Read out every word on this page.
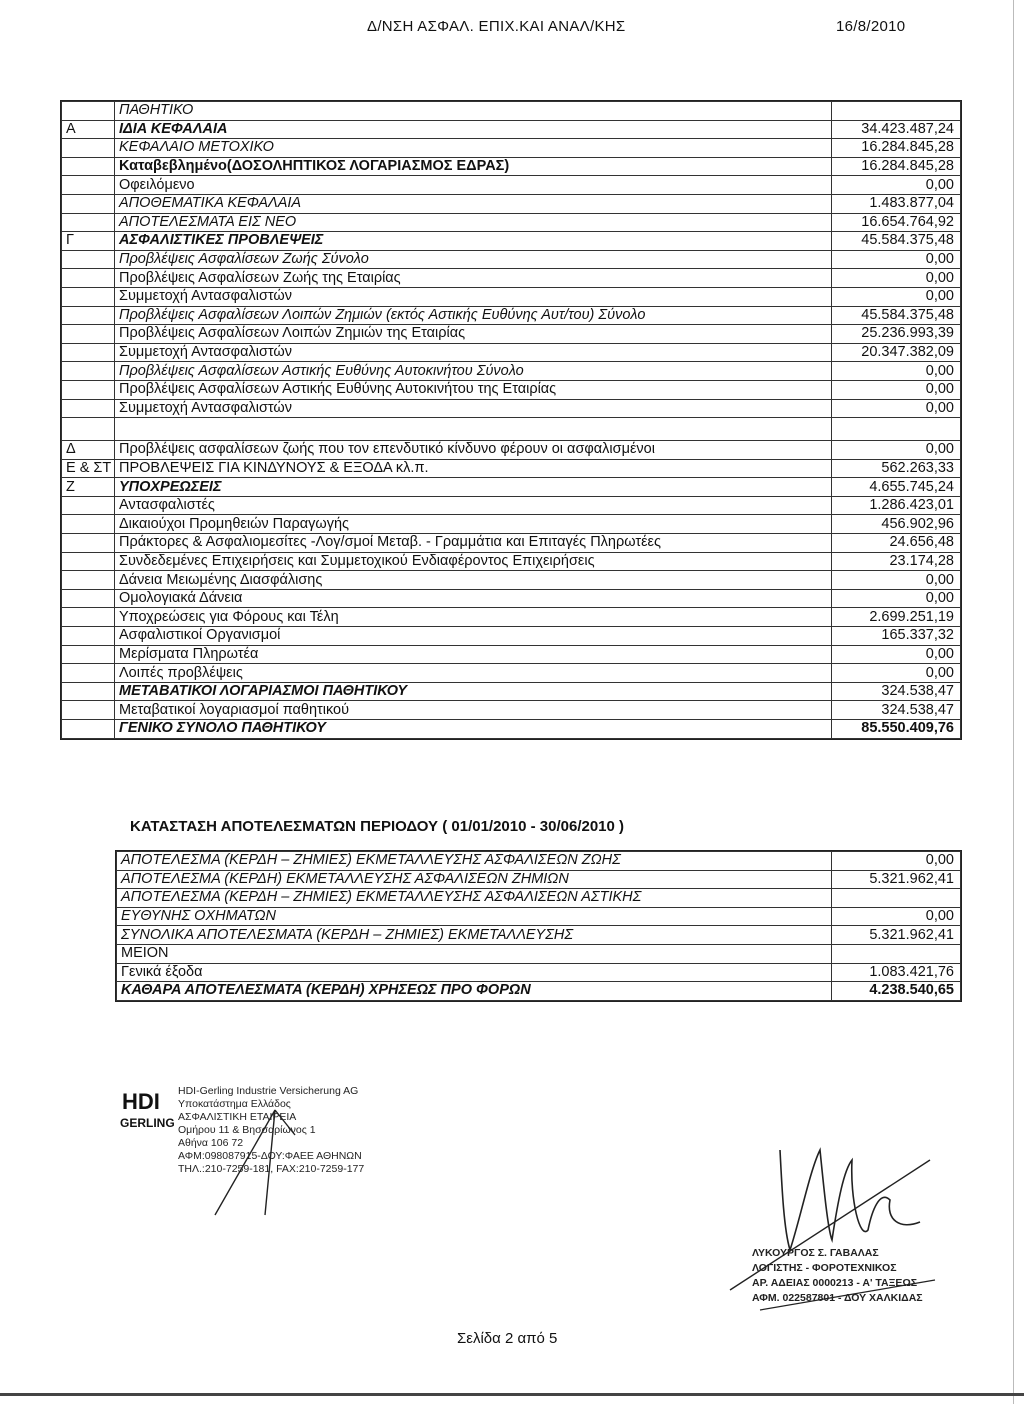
Δ/ΝΣΗ ΑΣΦΑΛ. ΕΠΙΧ.ΚΑΙ ΑΝΑΛ/ΚΗΣ	16/8/2010
	ΠΑΘΗΤΙΚΟ	
Α	ΙΔΙΑ ΚΕΦΑΛΑΙΑ	34.423.487,24
	ΚΕΦΑΛΑΙΟ ΜΕΤΟΧΙΚΟ	16.284.845,28
	Καταβεβλημένο(ΔΟΣΟΛΗΠΤΙΚΟΣ ΛΟΓΑΡΙΑΣΜΟΣ ΕΔΡΑΣ)	16.284.845,28
	Οφειλόμενο	0,00
	ΑΠΟΘΕΜΑΤΙΚΑ ΚΕΦΑΛΑΙΑ	1.483.877,04
	ΑΠΟΤΕΛΕΣΜΑΤΑ ΕΙΣ ΝΕΟ	16.654.764,92
Γ	ΑΣΦΑΛΙΣΤΙΚΕΣ ΠΡΟΒΛΕΨΕΙΣ	45.584.375,48
	Προβλέψεις Ασφαλίσεων Ζωής Σύνολο	0,00
	Προβλέψεις Ασφαλίσεων Ζωής της Εταιρίας	0,00
	Συμμετοχή Αντασφαλιστών	0,00
	Προβλέψεις Ασφαλίσεων Λοιπών Ζημιών (εκτός Αστικής Ευθύνης Αυτ/του) Σύνολο	45.584.375,48
	Προβλέψεις Ασφαλίσεων Λοιπών Ζημιών της Εταιρίας	25.236.993,39
	Συμμετοχή Αντασφαλιστών	20.347.382,09
	Προβλέψεις Ασφαλίσεων Αστικής Ευθύνης Αυτοκινήτου Σύνολο	0,00
	Προβλέψεις Ασφαλίσεων Αστικής Ευθύνης Αυτοκινήτου της Εταιρίας	0,00
	Συμμετοχή Αντασφαλιστών	0,00

Δ	Προβλέψεις ασφαλίσεων ζωής που τον επενδυτικό κίνδυνο φέρουν οι ασφαλισμένοι	0,00
Ε & ΣΤ	ΠΡΟΒΛΕΨΕΙΣ ΓΙΑ ΚΙΝΔΥΝΟΥΣ & ΕΞΟΔΑ κλ.π.	562.263,33
Ζ	ΥΠΟΧΡΕΩΣΕΙΣ	4.655.745,24
	Αντασφαλιστές	1.286.423,01
	Δικαιούχοι Προμηθειών Παραγωγής	456.902,96
	Πράκτορες & Ασφαλιομεσίτες -Λογ/σμοί Μεταβ. - Γραμμάτια και Επιταγές Πληρωτέες	24.656,48
	Συνδεδεμένες Επιχειρήσεις και Συμμετοχικού Ενδιαφέροντος Επιχειρήσεις	23.174,28
	Δάνεια Μειωμένης Διασφάλισης	0,00
	Ομολογιακά Δάνεια	0,00
	Υποχρεώσεις για Φόρους και Τέλη	2.699.251,19
	Ασφαλιστικοί Οργανισμοί	165.337,32
	Μερίσματα Πληρωτέα	0,00
	Λοιπές προβλέψεις	0,00
	ΜΕΤΑΒΑΤΙΚΟΙ ΛΟΓΑΡΙΑΣΜΟΙ ΠΑΘΗΤΙΚΟΥ	324.538,47
	Μεταβατικοί λογαριασμοί παθητικού	324.538,47
	ΓΕΝΙΚΟ ΣΥΝΟΛΟ ΠΑΘΗΤΙΚΟΥ	85.550.409,76
ΚΑΤΑΣΤΑΣΗ ΑΠΟΤΕΛΕΣΜΑΤΩΝ ΠΕΡΙΟΔΟΥ ( 01/01/2010 - 30/06/2010 )
ΑΠΟΤΕΛΕΣΜΑ (ΚΕΡΔΗ – ΖΗΜΙΕΣ) ΕΚΜΕΤΑΛΛΕΥΣΗΣ ΑΣΦΑΛΙΣΕΩΝ ΖΩΗΣ	0,00
ΑΠΟΤΕΛΕΣΜΑ (ΚΕΡΔΗ) ΕΚΜΕΤΑΛΛΕΥΣΗΣ ΑΣΦΑΛΙΣΕΩΝ ΖΗΜΙΩΝ	5.321.962,41
ΑΠΟΤΕΛΕΣΜΑ (ΚΕΡΔΗ – ΖΗΜΙΕΣ) ΕΚΜΕΤΑΛΛΕΥΣΗΣ ΑΣΦΑΛΙΣΕΩΝ ΑΣΤΙΚΗΣ	
ΕΥΘΥΝΗΣ ΟΧΗΜΑΤΩΝ	0,00
ΣΥΝΟΛΙΚΑ ΑΠΟΤΕΛΕΣΜΑΤΑ (ΚΕΡΔΗ – ΖΗΜΙΕΣ) ΕΚΜΕΤΑΛΛΕΥΣΗΣ	5.321.962,41
ΜΕΙΟΝ	
Γενικά έξοδα	1.083.421,76
ΚΑΘΑΡΑ ΑΠΟΤΕΛΕΣΜΑΤΑ (ΚΕΡΔΗ) ΧΡΗΣΕΩΣ ΠΡΟ ΦΟΡΩΝ	4.238.540,65
HDI
GERLING
HDI-Gerling Industrie Versicherung AG
Υποκατάστημα Ελλάδος
ΑΣΦΑΛΙΣΤΙΚΗ ΕΤΑΙΡΕΙΑ
Ομήρου 11 & Βησσαρίωνος 1
Αθήνα 106 72
ΑΦΜ:098087915-ΔΟΥ:ΦΑΕΕ ΑΘΗΝΩΝ
ΤΗΛ.:210-7259-181, FAX:210-7259-177
ΛΥΚΟΥΡΓΟΣ Σ. ΓΑΒΑΛΑΣ
ΛΟΓΙΣΤΗΣ - ΦΟΡΟΤΕΧΝΙΚΟΣ
ΑΡ. ΑΔΕΙΑΣ 0000213 - Α' ΤΑΞΕΩΣ
ΑΦΜ. 022587801 - ΔΟΥ ΧΑΛΚΙΔΑΣ
Σελίδα 2 από 5
